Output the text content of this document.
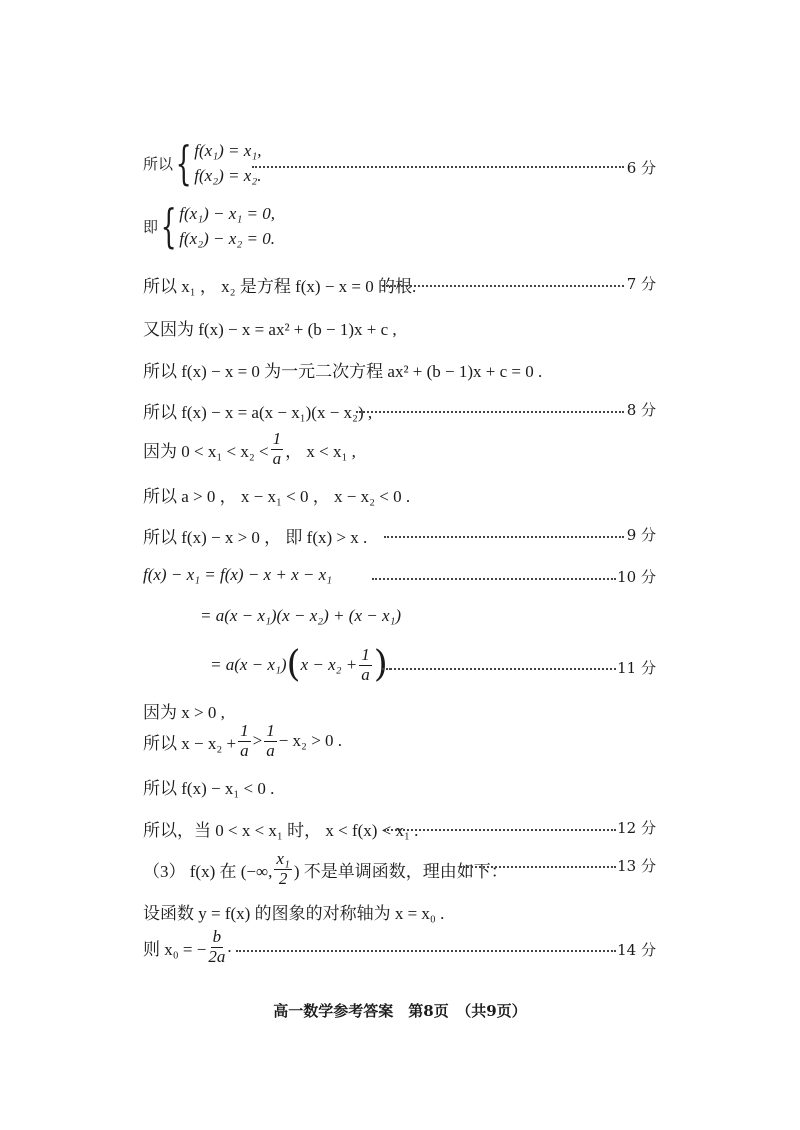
所以 { f(x₁) = x₁,
f(x₂) = x₂.	6 分
即 { f(x₁) − x₁ = 0,
f(x₂) − x₂ = 0.
所以 x₁ ， x₂ 是方程 f(x) − x = 0 的根.	7 分
又因为 f(x) − x = ax² + (b − 1)x + c ,
所以 f(x) − x = 0 为一元二次方程 ax² + (b − 1)x + c = 0 .
所以 f(x) − x = a(x − x₁)(x − x₂) ,	8 分
因为 $0 < x_1 < x_2 < \frac{1}{a}$ ， x < x₁ ,
所以 a > 0 ， x − x₁ < 0 ， x − x₂ < 0 .
所以 f(x) − x > 0 ， 即 f(x) > x .	9 分
f(x) − x₁ = f(x) − x + x − x₁	10 分
= a(x − x₁)(x − x₂) + (x − x₁)
= a(x − x₁) ( $x - x_2 + \frac{1}{a}$ ) .	11 分
因为 x > 0 ,
所以 $x - x_2 + \frac{1}{a} > \frac{1}{a} - x_2 > 0$ .
所以 f(x) − x₁ < 0 .
所以，当 0 < x < x₁ 时， x < f(x) < x₁ .	12 分
（3） f(x) 在 (−∞, $\frac{\text{x₁}}{2}$ ) 不是单调函数，理由如下：	13 分
设函数 y = f(x) 的图象的对称轴为 x = x₀ .
则 x₀ = − $\frac{b}{2a}$ .	14 分
高一数学参考答案　第8页　（共9页）
